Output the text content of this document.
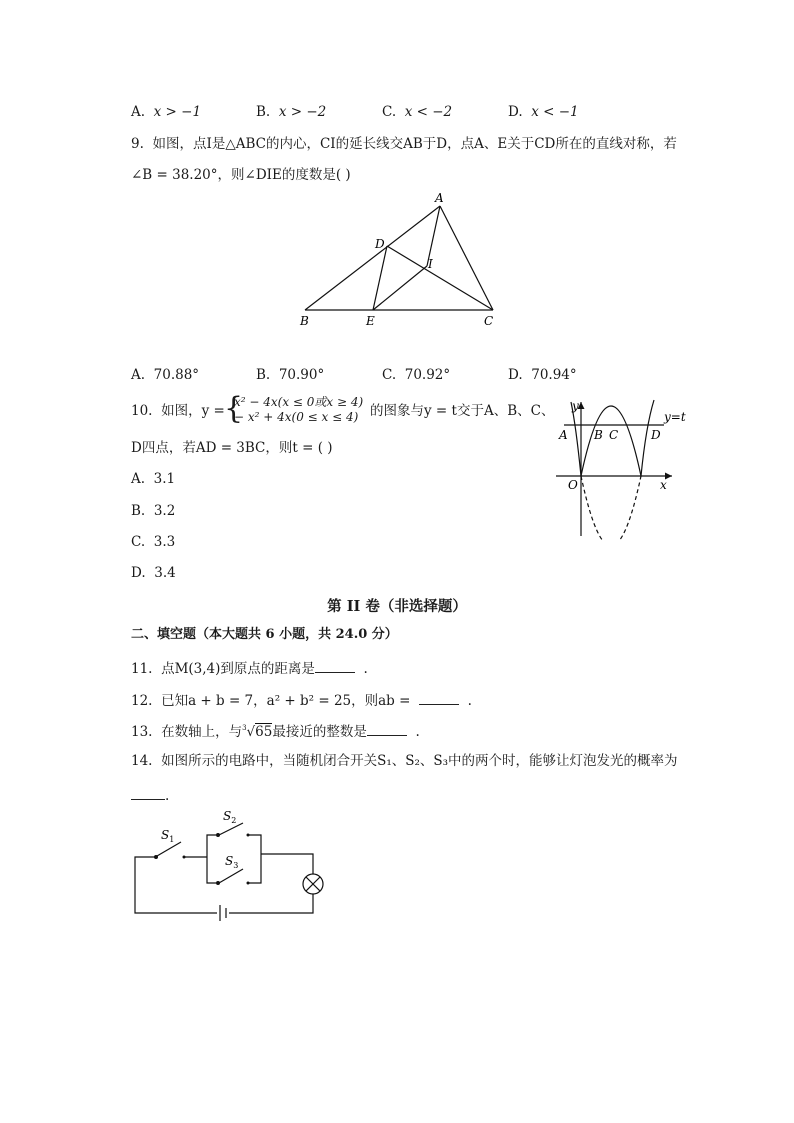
A. x > −1	B. x > −2	C. x < −2	D. x < −1
9. 如图，点I是△ABC的内心，CI的延长线交AB于D，点A、E关于CD所在的直线对称，若
∠B = 38.20°，则∠DIE的度数是( )
A
B	C
D
E
I
A. 70.88°	B. 70.90°	C. 70.92°	D. 70.94°
10. 如图，y = {
x² − 4x(x ≤ 0或x ≥ 4)
− x² + 4x(0 ≤ x ≤ 4) 的图象与y = t交于A、B、C、
D四点，若AD = 3BC，则t = ( )
y
x
O
A B C	D
y=t
A. 3.1
B. 3.2
C. 3.3
D. 3.4
第 II 卷（非选择题）
二、填空题（本大题共 6 小题，共 24.0 分）
11. 点M(3,4)到原点的距离是	.
12. 已知a + b = 7，a² + b² = 25，则ab =	.
13. 在数轴上，与$^3$√65最接近的整数是	.
14. 如图所示的电路中，当随机闭合开关S₁、S₂、S₃中的两个时，能够让灯泡发光的概率为
.
$S_1$
$S_2$
$S_3$
